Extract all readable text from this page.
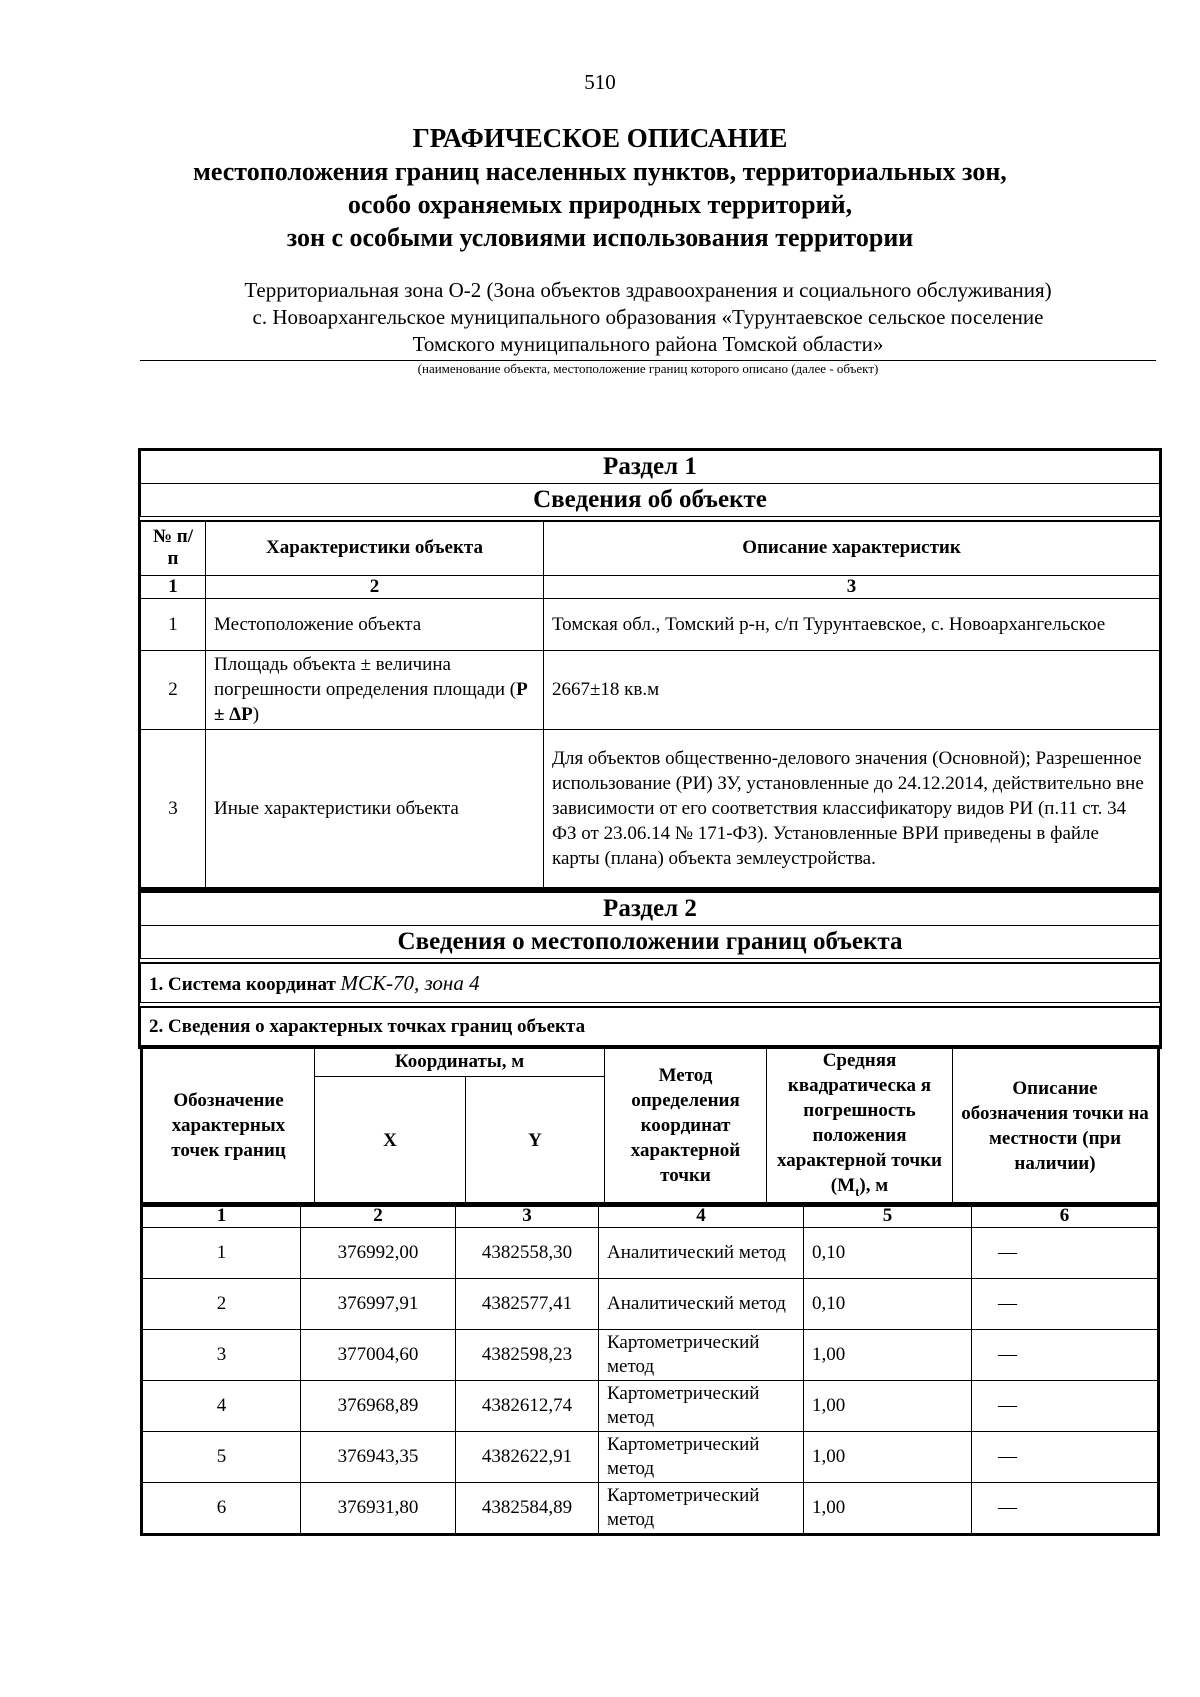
510
ГРАФИЧЕСКОЕ ОПИСАНИЕ
местоположения границ населенных пунктов, территориальных зон,
особо охраняемых природных территорий,
зон с особыми условиями использования территории
Территориальная зона О-2 (Зона объектов здравоохранения и социального обслуживания)
с. Новоархангельское муниципального образования «Турунтаевское сельское поселение
Томского муниципального района Томской области»
(наименование объекта, местоположение границ которого описано (далее - объект)
Раздел 1
Сведения об объекте
№ п/п	Характеристики объекта	Описание характеристик
1	2	3
1	Местоположение объекта	Томская обл., Томский р-н, с/п Турунтаевское, с. Новоархангельское
2	Площадь объекта ± величина погрешности определения площади (Р ± ΔР)	2667±18 кв.м
3	Иные характеристики объекта	Для объектов общественно-делового значения (Основной); Разрешенное использование (РИ) ЗУ, установленные до 24.12.2014, действительно вне зависимости от его соответствия классификатору видов РИ (п.11 ст. 34 ФЗ от 23.06.14 № 171-ФЗ). Установленные ВРИ приведены в файле карты (плана) объекта землеустройства.
Раздел 2
Сведения о местоположении границ объекта
1. Система координат МСК-70, зона 4
2. Сведения о характерных точках границ объекта
Обозначение характерных точек границ	Координаты, м		Метод определения координат характерной точки	Средняя квадратическа я погрешность положения характерной точки $(M_t)$, м	Описание обозначения точки на местности (при наличии)
	X	Y			
1	2	3	4	5	6
1	376992,00	4382558,30	Аналитический метод	0,10	—
2	376997,91	4382577,41	Аналитический метод	0,10	—
3	377004,60	4382598,23	Картометрический метод	1,00	—
4	376968,89	4382612,74	Картометрический метод	1,00	—
5	376943,35	4382622,91	Картометрический метод	1,00	—
6	376931,80	4382584,89	Картометрический метод	1,00	—
